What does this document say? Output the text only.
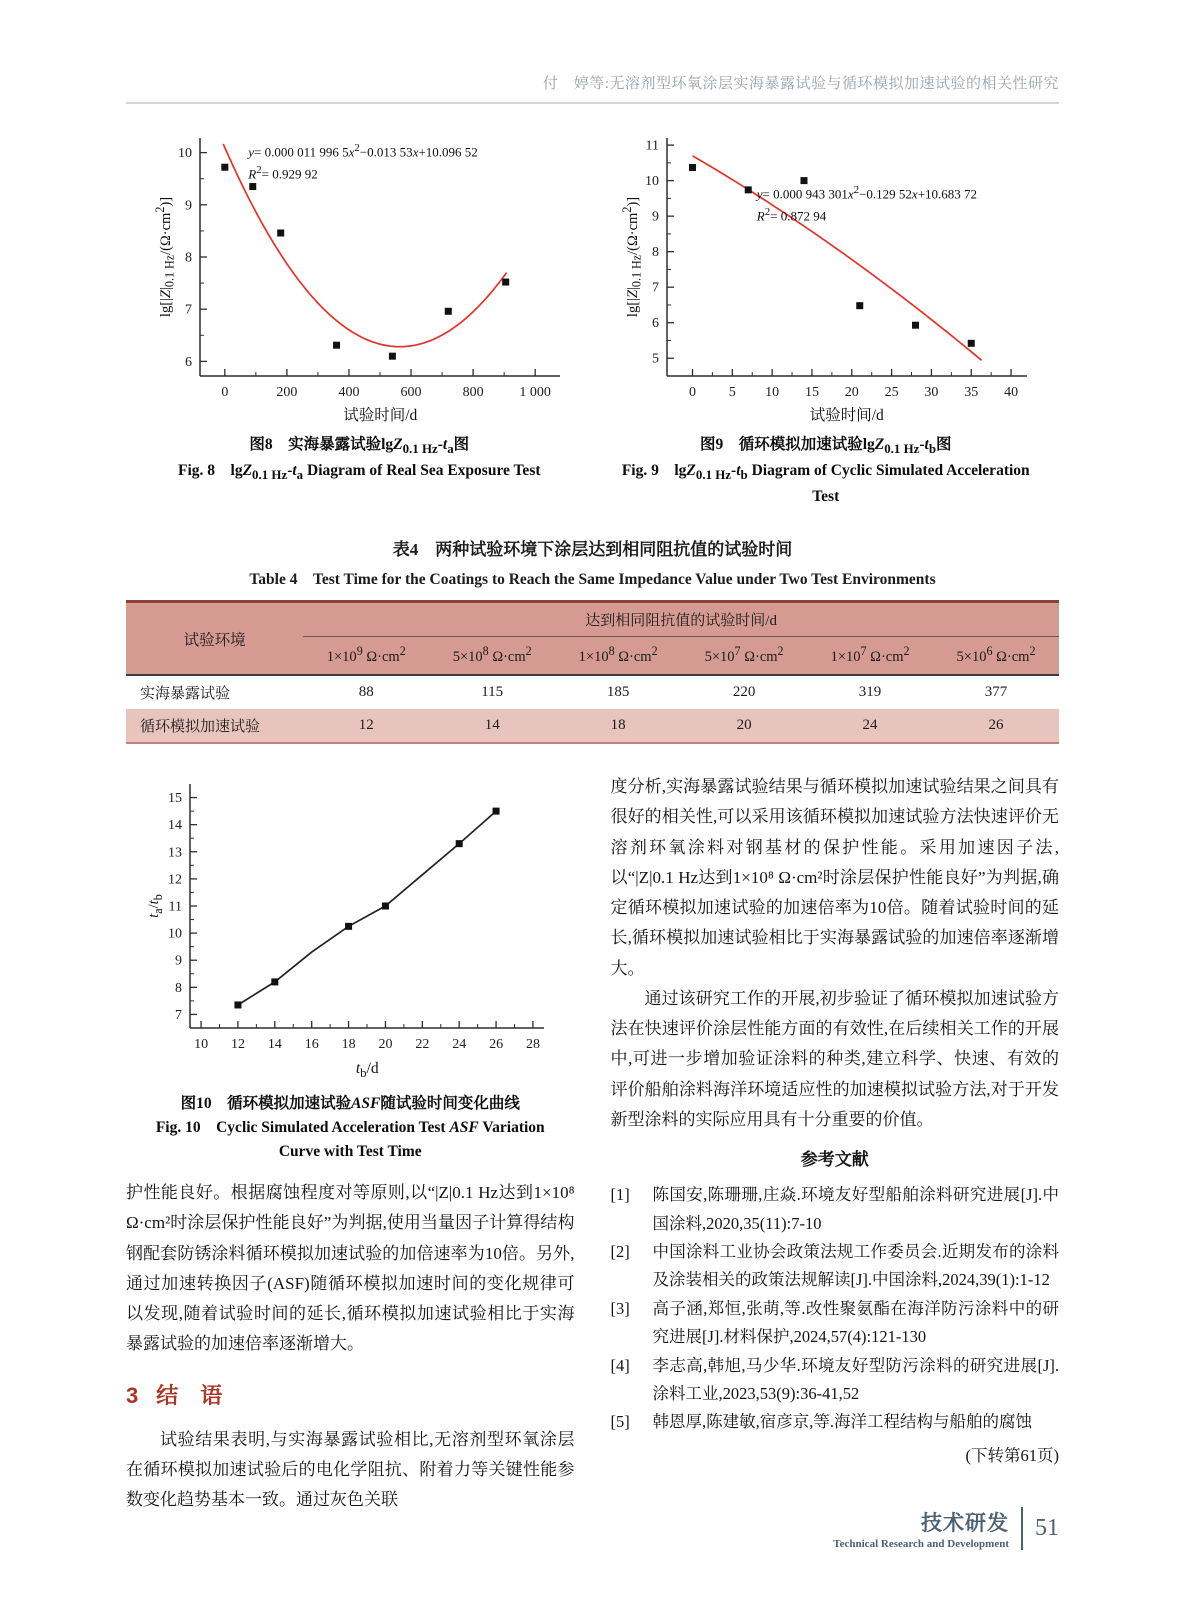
付　婷等:无溶剂型环氧涂层实海暴露试验与循环模拟加速试验的相关性研究
0	200	400	600	800	1 000
6
7
8
9
10	y= 0.000 011 996 $5x^2-0.013$ 53x+10.096 52
$R^2= 0.929$ 92
$\lg[|Z|_{0.1 Hz}/(\Omega\cdot cm^2)]$
试验时间/d
图8　实海暴露试验$\lg Z_{0.1 Hz}-t_a$图
Fig. 8　$\lg Z_{0.1 Hz}-t_a$ Diagram of Real Sea Exposure Test
0 5 10 15 20 25 30 35 40
5
6
7
8
9
10
11
y= 0.000 943 $301x^2-0.129$ 52x+10.683 72
$R^2= 0.872$ 94
$\lg[|Z|_{0.1 Hz}/(\Omega\cdot cm^2)]$
试验时间/d
图9　循环模拟加速试验$\lg Z_{0.1 Hz}-t_b$图
Fig. 9　$\lg Z_{0.1 Hz}-t_b$ Diagram of Cyclic Simulated Acceleration Test
表4　两种试验环境下涂层达到相同阻抗值的试验时间
Table 4　Test Time for the Coatings to Reach the Same Impedance Value under Two Test Environments
试验环境	达到相同阻抗值的试验时间/d					
	$1\times 10^9$ $\Omega\cdot cm^2$	$5\times 10^8$ $\Omega\cdot cm^2$	$1\times 10^8$ $\Omega\cdot cm^2$	$5\times 10^7$ $\Omega\cdot cm^2$	$1\times 10^7$ $\Omega\cdot cm^2$	$5\times 10^6$ $\Omega\cdot cm^2$
实海暴露试验	88	115	185	220	319	377
循环模拟加速试验	12	14	18	20	24	26
10 12 14 16 18 20 22 24 26 28
7
8
9
10
11
12
13
14
15
$t_a/t_b$
$t_b/d$
图10　循环模拟加速试验ASF随试验时间变化曲线
Fig. 10　Cyclic Simulated Acceleration Test ASF Variation Curve with Test Time

护性能良好。根据腐蚀程度对等原则,以“|Z|0.1 Hz达到1×10⁸ Ω·cm²时涂层保护性能良好”为判据,使用当量因子计算得结构钢配套防锈涂料循环模拟加速试验的加倍速率为10倍。另外,通过加速转换因子(ASF)随循环模拟加速时间的变化规律可以发现,随着试验时间的延长,循环模拟加速试验相比于实海暴露试验的加速倍率逐渐增大。

3 结　语

试验结果表明,与实海暴露试验相比,无溶剂型环氧涂层在循环模拟加速试验后的电化学阻抗、附着力等关键性能参数变化趋势基本一致。通过灰色关联

度分析,实海暴露试验结果与循环模拟加速试验结果之间具有很好的相关性,可以采用该循环模拟加速试验方法快速评价无溶剂环氧涂料对钢基材的保护性能。采用加速因子法,以“|Z|0.1 Hz达到1×10⁸ Ω·cm²时涂层保护性能良好”为判据,确定循环模拟加速试验的加速倍率为10倍。随着试验时间的延长,循环模拟加速试验相比于实海暴露试验的加速倍率逐渐增大。

通过该研究工作的开展,初步验证了循环模拟加速试验方法在快速评价涂层性能方面的有效性,在后续相关工作的开展中,可进一步增加验证涂料的种类,建立科学、快速、有效的评价船舶涂料海洋环境适应性的加速模拟试验方法,对于开发新型涂料的实际应用具有十分重要的价值。

参考文献
[1]	陈国安,陈珊珊,庄焱.环境友好型船舶涂料研究进展[J].中国涂料,2020,35(11):7-10
[2]	中国涂料工业协会政策法规工作委员会.近期发布的涂料及涂装相关的政策法规解读[J].中国涂料,2024,39(1):1-12
[3]	高子涵,郑恒,张萌,等.改性聚氨酯在海洋防污涂料中的研究进展[J].材料保护,2024,57(4):121-130
[4]	李志高,韩旭,马少华.环境友好型防污涂料的研究进展[J].涂料工业,2023,53(9):36-41,52
[5]	韩恩厚,陈建敏,宿彦京,等.海洋工程结构与船舶的腐蚀
(下转第61页)
技术研发
Technical Research and Development
51
